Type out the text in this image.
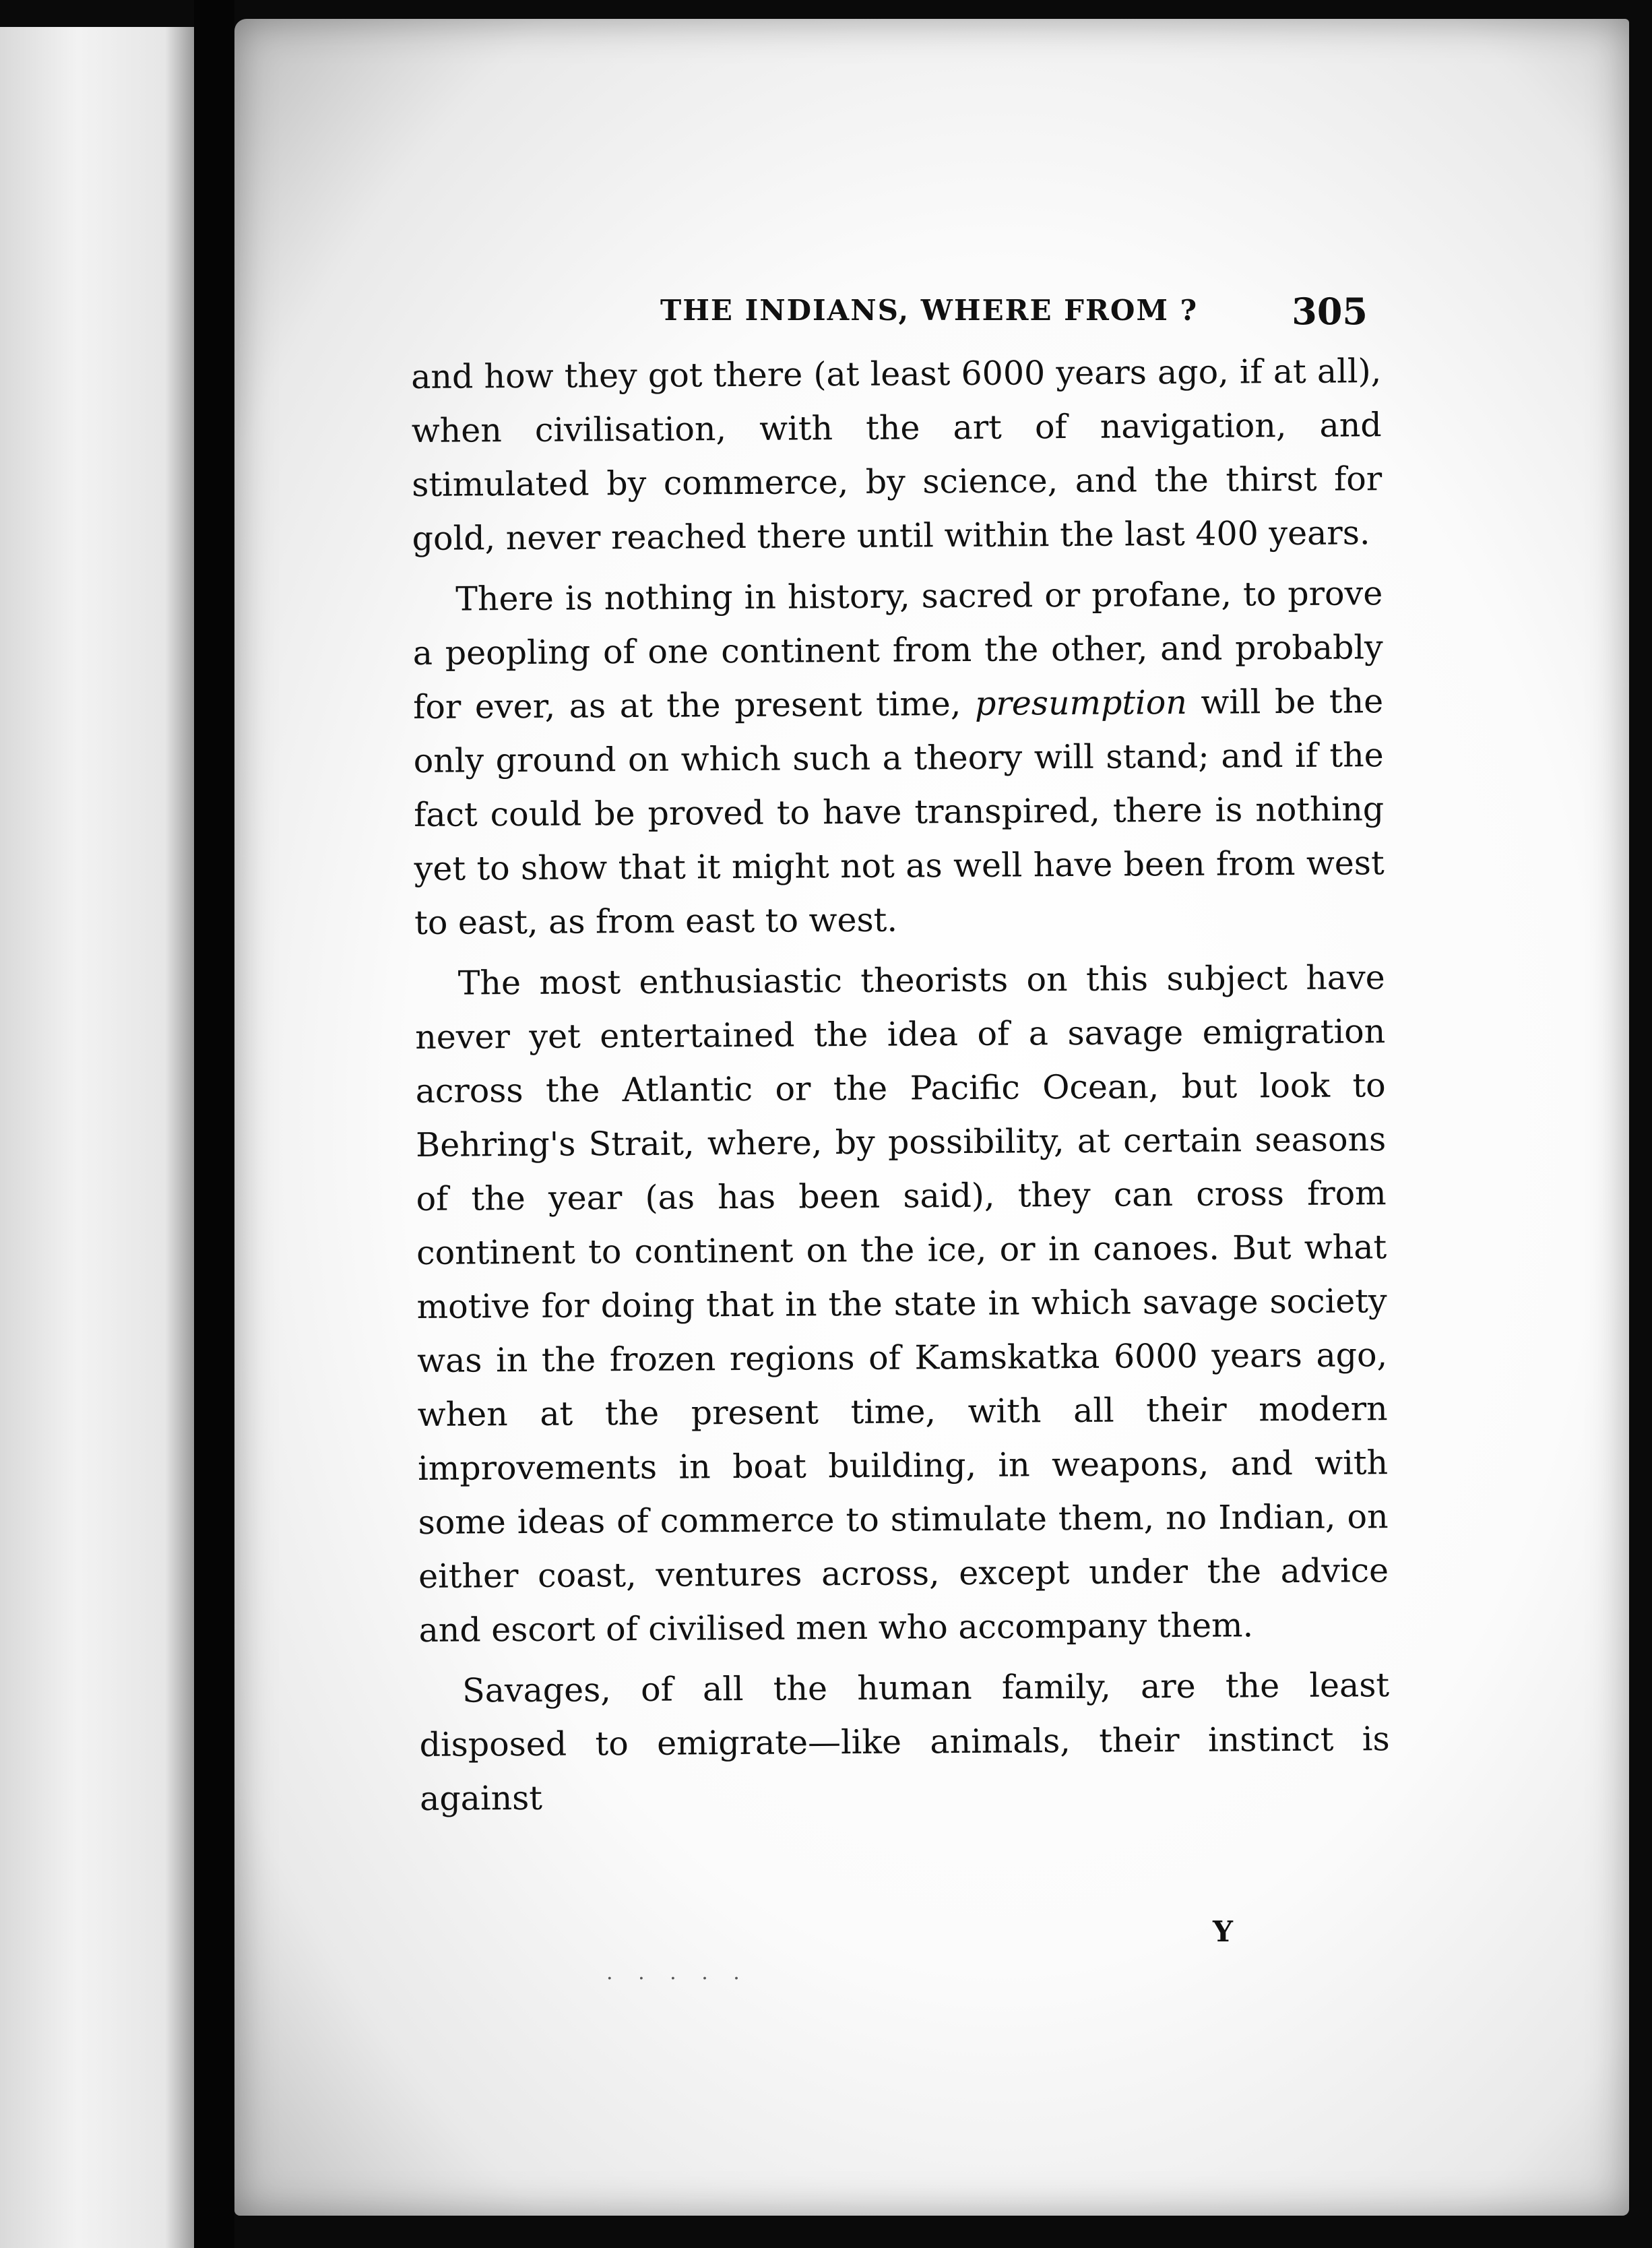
THE INDIANS, WHERE FROM ?	305

and how they got there (at least 6000 years ago, if at all), when civilisation, with the art of navigation, and stimulated by commerce, by science, and the thirst for gold, never reached there until within the last 400 years.

There is nothing in history, sacred or profane, to prove a peopling of one continent from the other, and probably for ever, as at the present time, presumption will be the only ground on which such a theory will stand; and if the fact could be proved to have transpired, there is nothing yet to show that it might not as well have been from west to east, as from east to west.

The most enthusiastic theorists on this subject have never yet entertained the idea of a savage emigration across the Atlantic or the Pacific Ocean, but look to Behring's Strait, where, by possibility, at certain seasons of the year (as has been said), they can cross from continent to continent on the ice, or in canoes. But what motive for doing that in the state in which savage society was in the frozen regions of Kamskatka 6000 years ago, when at the present time, with all their modern improvements in boat building, in weapons, and with some ideas of commerce to stimulate them, no Indian, on either coast, ventures across, except under the advice and escort of civilised men who accompany them.

Savages, of all the human family, are the least disposed to emigrate—like animals, their instinct is against

Y
. . . . .
